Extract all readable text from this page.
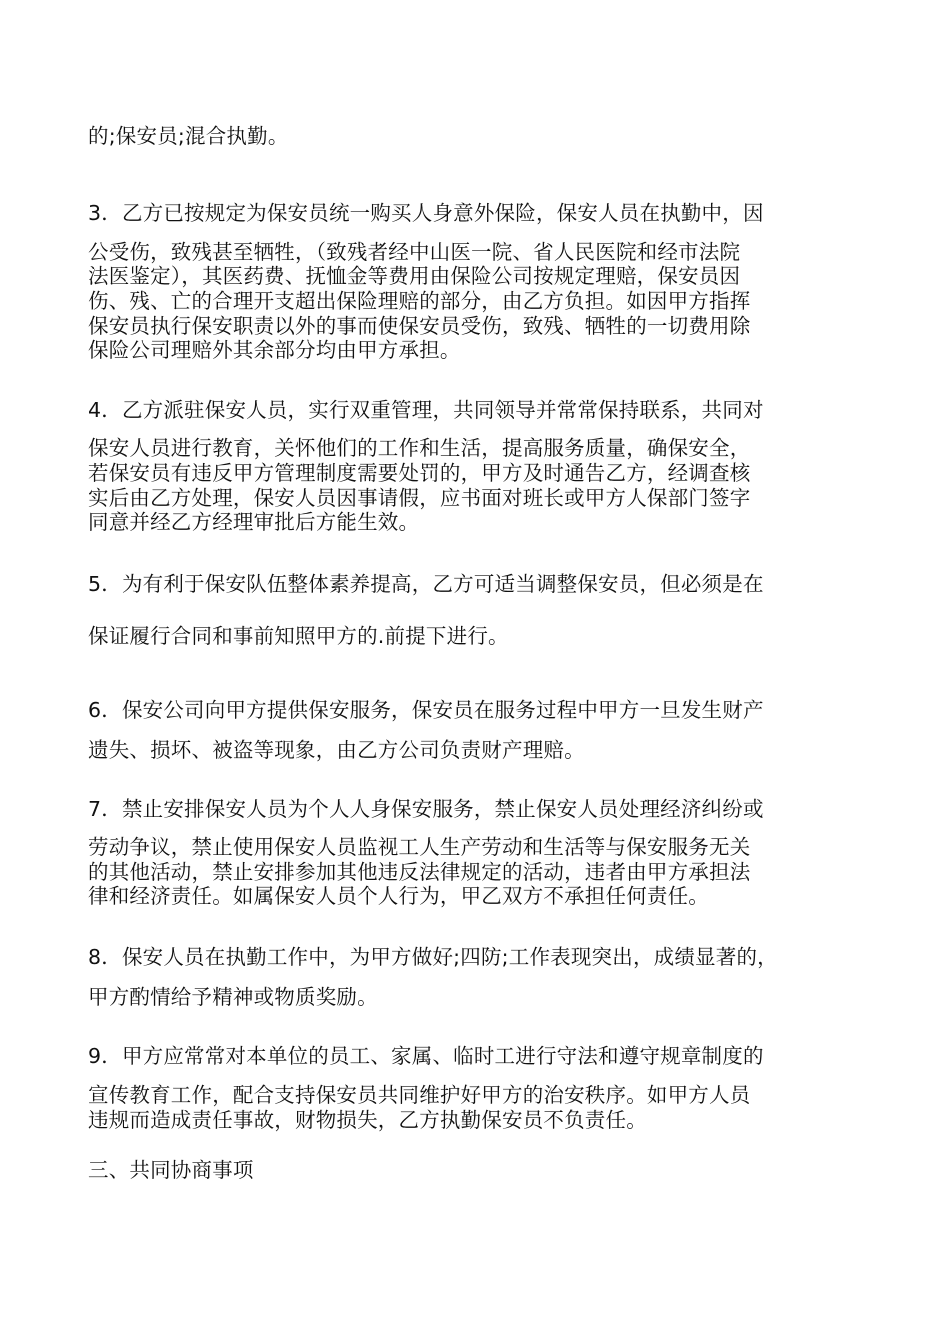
的;保安员;混合执勤。
3．乙方已按规定为保安员统一购买人身意外保险，保安人员在执勤中，因
公受伤，致残甚至牺牲，（致残者经中山医一院、省人民医院和经市法院
法医鉴定），其医药费、抚恤金等费用由保险公司按规定理赔，保安员因
伤、残、亡的合理开支超出保险理赔的部分，由乙方负担。如因甲方指挥
保安员执行保安职责以外的事而使保安员受伤，致残、牺牲的一切费用除
保险公司理赔外其余部分均由甲方承担。
4．乙方派驻保安人员，实行双重管理，共同领导并常常保持联系，共同对
保安人员进行教育，关怀他们的工作和生活，提高服务质量，确保安全，
若保安员有违反甲方管理制度需要处罚的，甲方及时通告乙方，经调查核
实后由乙方处理，保安人员因事请假，应书面对班长或甲方人保部门签字
同意并经乙方经理审批后方能生效。
5．为有利于保安队伍整体素养提高，乙方可适当调整保安员，但必须是在
保证履行合同和事前知照甲方的.前提下进行。
6．保安公司向甲方提供保安服务，保安员在服务过程中甲方一旦发生财产
遗失、损坏、被盗等现象，由乙方公司负责财产理赔。
7．禁止安排保安人员为个人人身保安服务，禁止保安人员处理经济纠纷或
劳动争议，禁止使用保安人员监视工人生产劳动和生活等与保安服务无关
的其他活动，禁止安排参加其他违反法律规定的活动，违者由甲方承担法
律和经济责任。如属保安人员个人行为，甲乙双方不承担任何责任。
8．保安人员在执勤工作中，为甲方做好;四防;工作表现突出，成绩显著的，
甲方酌情给予精神或物质奖励。
9．甲方应常常对本单位的员工、家属、临时工进行守法和遵守规章制度的
宣传教育工作，配合支持保安员共同维护好甲方的治安秩序。如甲方人员
违规而造成责任事故，财物损失，乙方执勤保安员不负责任。
三、共同协商事项
